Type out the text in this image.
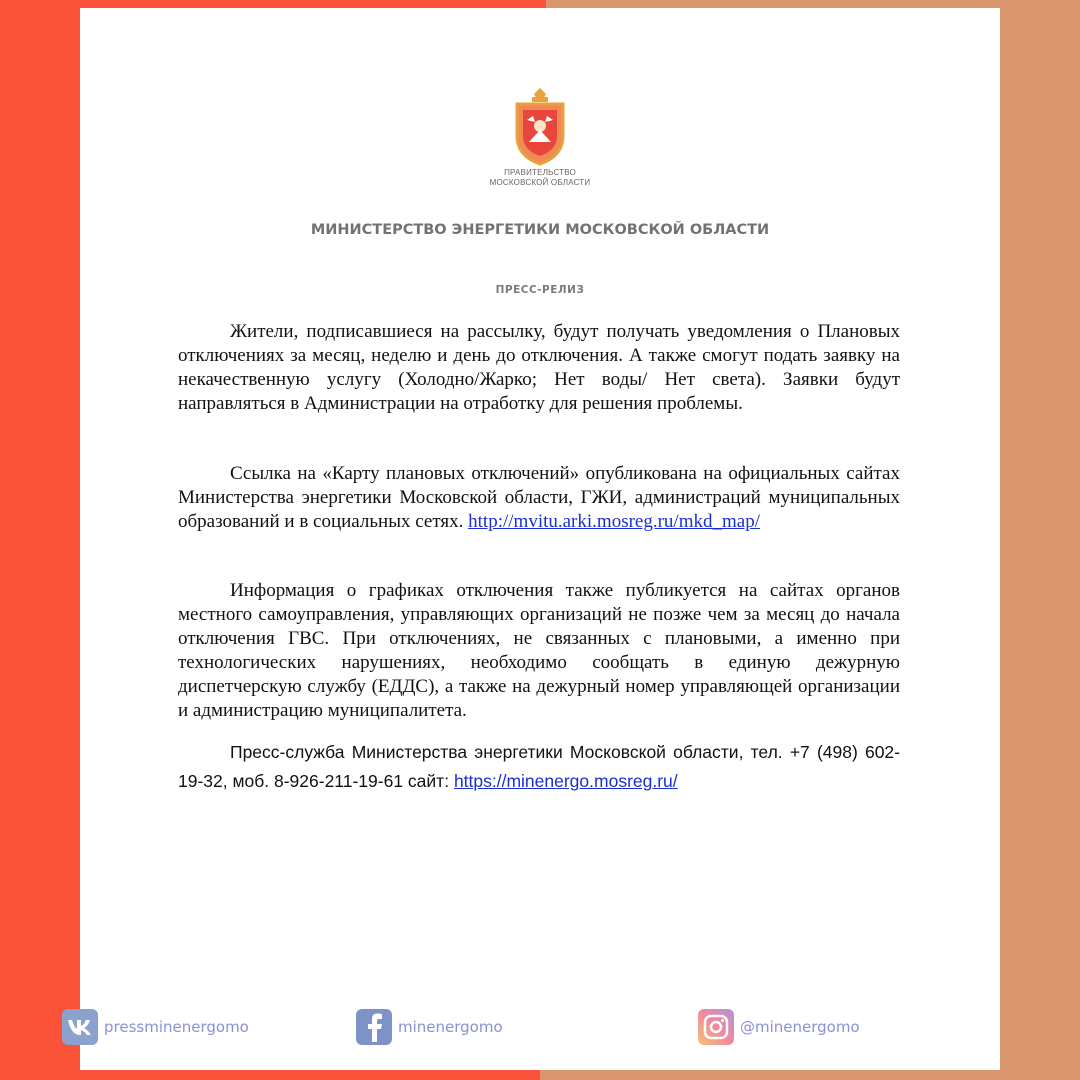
ПРАВИТЕЛЬСТВО
МОСКОВСКОЙ ОБЛАСТИ
МИНИСТЕРСТВО ЭНЕРГЕТИКИ МОСКОВСКОЙ ОБЛАСТИ
ПРЕСС-РЕЛИЗ

Жители, подписавшиеся на рассылку, будут получать уведомления о Плановых отключениях за месяц, неделю и день до отключения. А также смогут подать заявку на некачественную услугу (Холодно/Жарко; Нет воды/ Нет света). Заявки будут направляться в Администрации на отработку для решения проблемы.

Ссылка на «Карту плановых отключений» опубликована на официальных сайтах Министерства энергетики Московской области, ГЖИ, администраций муниципальных образований и в социальных сетях. http://mvitu.arki.mosreg.ru/mkd_map/

Информация о графиках отключения также публикуется на сайтах органов местного самоуправления, управляющих организаций не позже чем за месяц до начала отключения ГВС. При отключениях, не связанных с плановыми, а именно при технологических нарушениях, необходимо сообщать в единую дежурную диспетчерскую службу (ЕДДС), а также на дежурный номер управляющей организации и администрацию муниципалитета.

Пресс-служба Министерства энергетики Московской области, тел. +7 (498) 602-19-32, моб. 8-926-211-19-61 сайт: https://minenergo.mosreg.ru/

pressminenergomo	minenergomo	@minenergomo
